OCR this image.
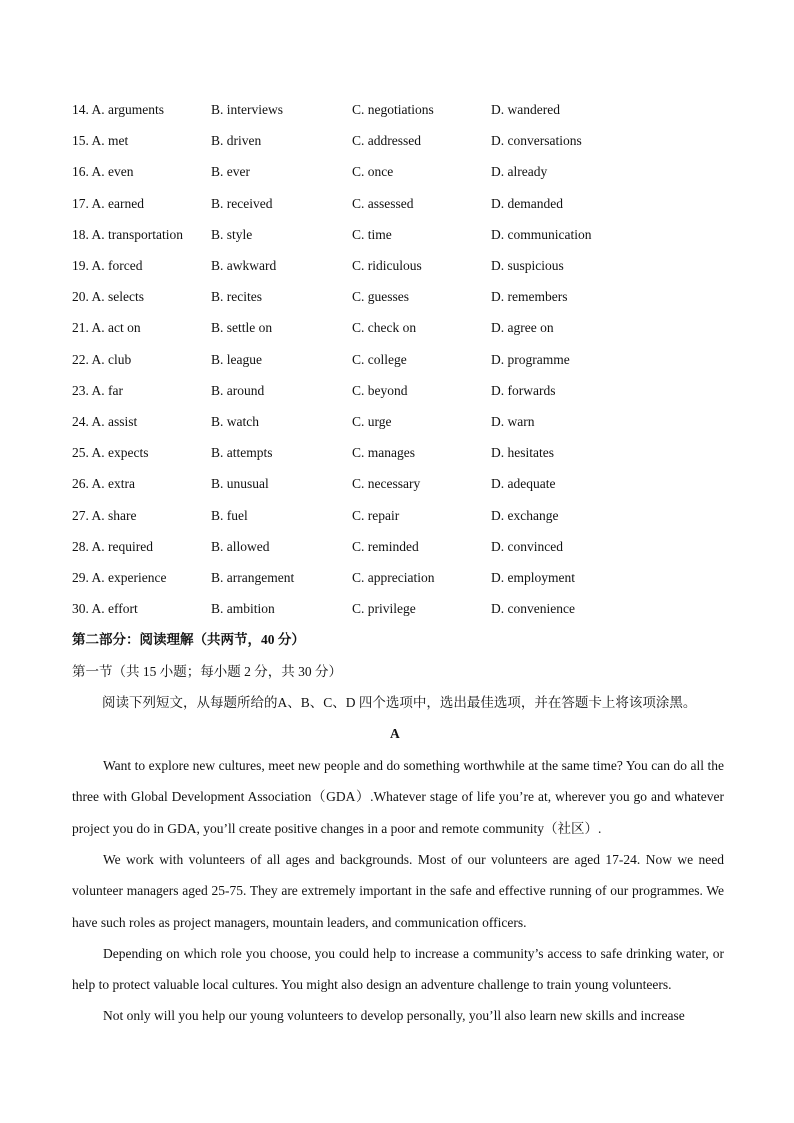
14. A. arguments	B. interviews	C. negotiations	D. wandered
15. A. met	B. driven	C. addressed	D. conversations
16. A. even	B. ever	C. once	D. already
17. A. earned	B. received	C. assessed	D. demanded
18. A. transportation B. style	C. time	D. communication
19. A. forced	B. awkward	C. ridiculous	D. suspicious
20. A. selects	B. recites	C. guesses	D. remembers
21. A. act on	B. settle on	C. check on	D. agree on
22. A. club	B. league	C. college	D. programme
23. A. far	B. around	C. beyond	D. forwards
24. A. assist	B. watch	C. urge	D. warn
25. A. expects	B. attempts	C. manages	D. hesitates
26. A. extra	B. unusual	C. necessary	D. adequate
27. A. share	B. fuel	C. repair	D. exchange
28. A. required	B. allowed	C. reminded	D. convinced
29. A. experience	B. arrangement	C. appreciation	D. employment
30. A. effort	B. ambition	C. privilege	D. convenience
第二部分：阅读理解（共两节，40 分）
第一节（共 15 小题；每小题 2 分，共 30 分）
阅读下列短文，从每题所给的A、B、C、D 四个选项中，选出最佳选项，并在答题卡上将该项涂黑。
A

Want to explore new cultures, meet new people and do something worthwhile at the same time? You can do all the three with Global Development Association（GDA）.Whatever stage of life you’re at, wherever you go and whatever project you do in GDA, you’ll create positive changes in a poor and remote community（社区）.

We work with volunteers of all ages and backgrounds. Most of our volunteers are aged 17-24. Now we need volunteer managers aged 25-75. They are extremely important in the safe and effective running of our programmes. We have such roles as project managers, mountain leaders, and communication officers.

Depending on which role you choose, you could help to increase a community’s access to safe drinking water, or help to protect valuable local cultures. You might also design an adventure challenge to train young volunteers.

Not only will you help our young volunteers to develop personally, you’ll also learn new skills and increase
